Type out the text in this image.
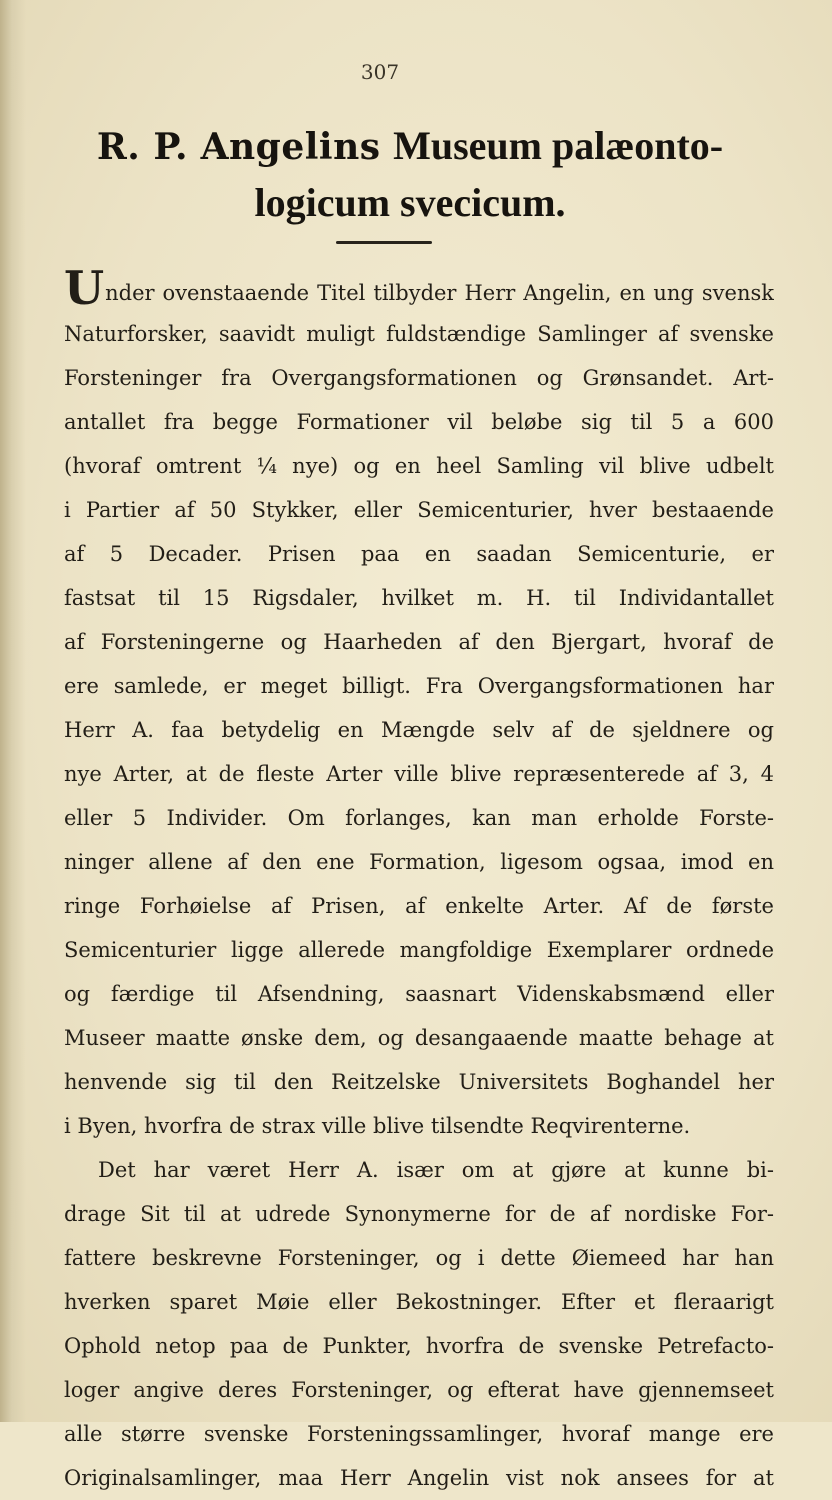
307
R. P. Angelins Museum palæonto-
logicum svecicum.
Under ovenstaaende Titel tilbyder Herr Angelin, en ung svensk
Naturforsker, saavidt muligt fuldstændige Samlinger af svenske
Forsteninger fra Overgangsformationen og Grønsandet. Art-
antallet fra begge Formationer vil beløbe sig til 5 a 600
(hvoraf omtrent ⅟₄ nye) og en heel Samling vil blive udbelt
i Partier af 50 Stykker, eller Semicenturier, hver bestaaende
af 5 Decader. Prisen paa en saadan Semicenturie, er
fastsat til 15 Rigsdaler, hvilket m. H. til Individantallet
af Forsteningerne og Haarheden af den Bjergart, hvoraf de
ere samlede, er meget billigt. Fra Overgangsformationen har
Herr A. faa betydelig en Mængde selv af de sjeldnere og
nye Arter, at de fleste Arter ville blive repræsenterede af 3, 4
eller 5 Individer. Om forlanges, kan man erholde Forste-
ninger allene af den ene Formation, ligesom ogsaa, imod en
ringe Forhøielse af Prisen, af enkelte Arter. Af de første
Semicenturier ligge allerede mangfoldige Exemplarer ordnede
og færdige til Afsendning, saasnart Videnskabsmænd eller
Museer maatte ønske dem, og desangaaende maatte behage at
henvende sig til den Reitzelske Universitets Boghandel her
i Byen, hvorfra de strax ville blive tilsendte Reqvirenterne.
Det har været Herr A. især om at gjøre at kunne bi-
drage Sit til at udrede Synonymerne for de af nordiske For-
fattere beskrevne Forsteninger, og i dette Øiemeed har han
hverken sparet Møie eller Bekostninger. Efter et fleraarigt
Ophold netop paa de Punkter, hvorfra de svenske Petrefacto-
loger angive deres Forsteninger, og efterat have gjennemseet
alle større svenske Forsteningssamlinger, hvoraf mange ere
Originalsamlinger, maa Herr Angelin vist nok ansees for at
